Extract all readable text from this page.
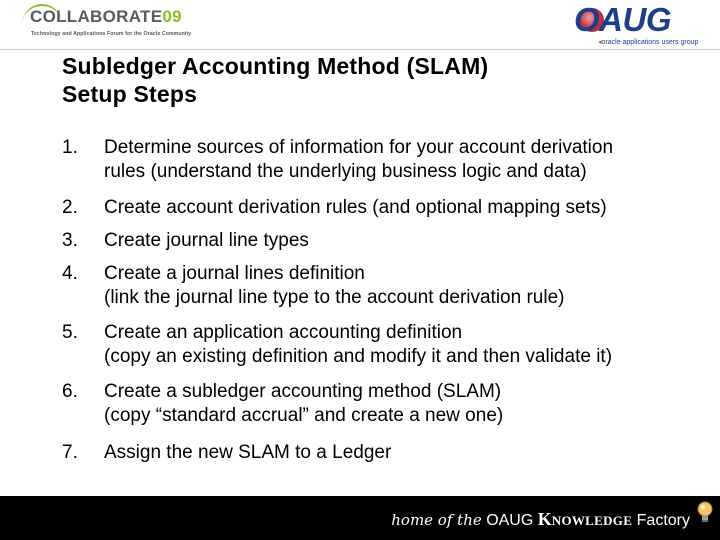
COLLABORATE09
Technology and Applications Forum for the Oracle Community	OAUG
◂oracle applications users group
Subledger Accounting Method (SLAM)
Setup Steps
1.	Determine sources of information for your account derivation
rules (understand the underlying business logic and data)
2.	Create account derivation rules (and optional mapping sets)
3.	Create journal line types
4.	Create a journal lines definition
(link the journal line type to the account derivation rule)
5.	Create an application accounting definition
(copy an existing definition and modify it and then validate it)
6.	Create a subledger accounting method (SLAM)
(copy “standard accrual” and create a new one)
7.	Assign the new SLAM to a Ledger
home of the OAUG KNOWLEDGE Factory
